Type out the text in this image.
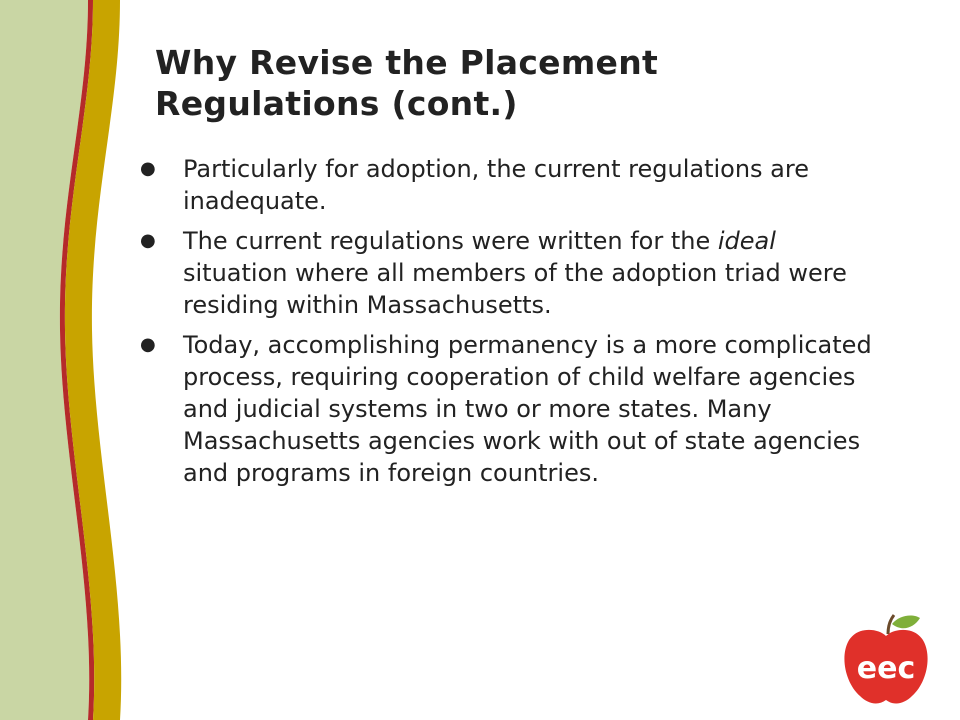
Why Revise the Placement
Regulations (cont.)
●	Particularly for adoption, the current regulations are inadequate.
●	The current regulations were written for the ideal situation where all members of the adoption triad were residing within Massachusetts.
●	Today, accomplishing permanency is a more complicated process, requiring cooperation of child welfare agencies and judicial systems in two or more states. Many Massachusetts agencies work with out of state agencies and programs in foreign countries.
eec
